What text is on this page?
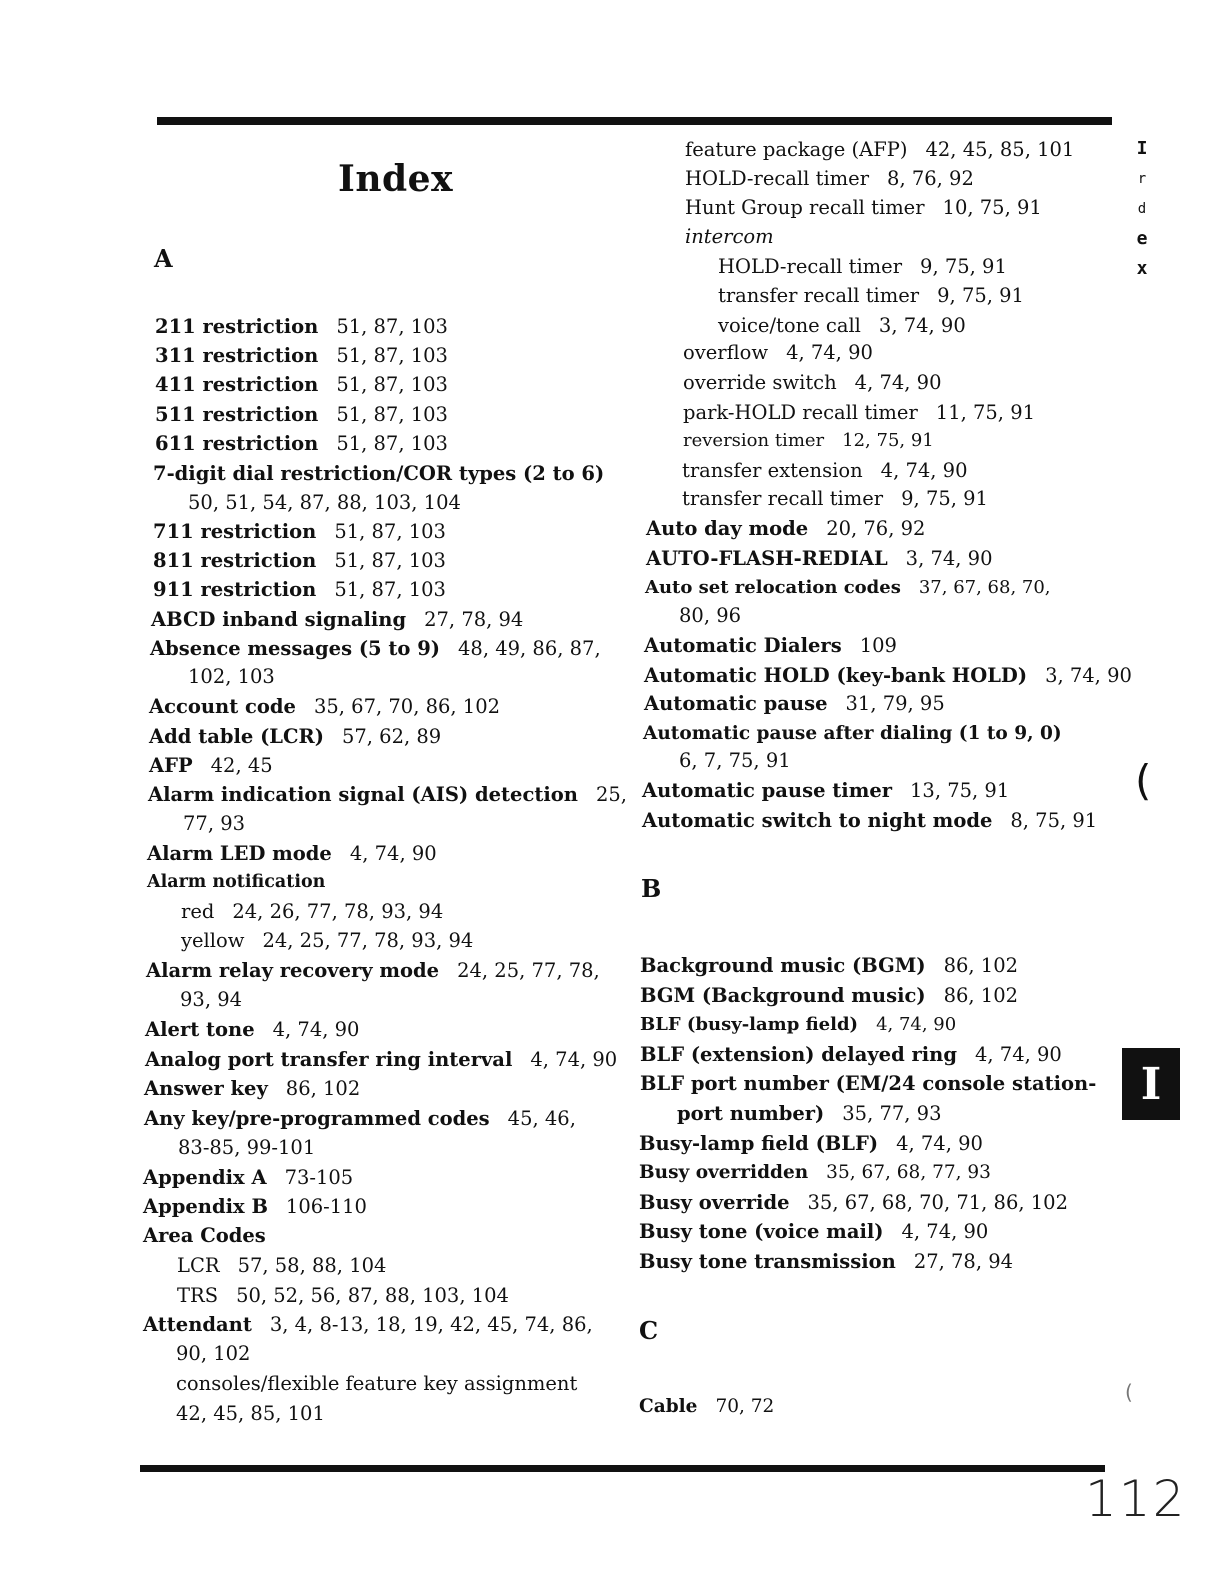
Index
A
211 restriction 51, 87, 103
311 restriction 51, 87, 103
411 restriction 51, 87, 103
511 restriction 51, 87, 103
611 restriction 51, 87, 103
7-digit dial restriction/COR types (2 to 6)
50, 51, 54, 87, 88, 103, 104
711 restriction 51, 87, 103
811 restriction 51, 87, 103
911 restriction 51, 87, 103
ABCD inband signaling 27, 78, 94
Absence messages (5 to 9) 48, 49, 86, 87,
102, 103
Account code 35, 67, 70, 86, 102
Add table (LCR) 57, 62, 89
AFP 42, 45
Alarm indication signal (AIS) detection 25,
77, 93
Alarm LED mode 4, 74, 90
Alarm notification
red 24, 26, 77, 78, 93, 94
yellow 24, 25, 77, 78, 93, 94
Alarm relay recovery mode 24, 25, 77, 78,
93, 94
Alert tone 4, 74, 90
Analog port transfer ring interval 4, 74, 90
Answer key 86, 102
Any key/pre-programmed codes 45, 46,
83-85, 99-101
Appendix A 73-105
Appendix B 106-110
Area Codes
LCR 57, 58, 88, 104
TRS 50, 52, 56, 87, 88, 103, 104
Attendant 3, 4, 8-13, 18, 19, 42, 45, 74, 86,
90, 102
consoles/flexible feature key assignment
42, 45, 85, 101
feature package (AFP) 42, 45, 85, 101
HOLD-recall timer 8, 76, 92
Hunt Group recall timer 10, 75, 91
intercom
HOLD-recall timer 9, 75, 91
transfer recall timer 9, 75, 91
voice/tone call 3, 74, 90
overflow 4, 74, 90
override switch 4, 74, 90
park-HOLD recall timer 11, 75, 91
reversion timer 12, 75, 91
transfer extension 4, 74, 90
transfer recall timer 9, 75, 91
Auto day mode 20, 76, 92
AUTO-FLASH-REDIAL 3, 74, 90
Auto set relocation codes 37, 67, 68, 70,
80, 96
Automatic Dialers 109
Automatic HOLD (key-bank HOLD) 3, 74, 90
Automatic pause 31, 79, 95
Automatic pause after dialing (1 to 9, 0)
6, 7, 75, 91
Automatic pause timer 13, 75, 91
Automatic switch to night mode 8, 75, 91
B
Background music (BGM) 86, 102
BGM (Background music) 86, 102
BLF (busy-lamp field) 4, 74, 90
BLF (extension) delayed ring 4, 74, 90
BLF port number (EM/24 console station-
port number) 35, 77, 93
Busy-lamp field (BLF) 4, 74, 90
Busy overridden 35, 67, 68, 77, 93
Busy override 35, 67, 68, 70, 71, 86, 102
Busy tone (voice mail) 4, 74, 90
Busy tone transmission 27, 78, 94
C
Cable 70, 72
I
r
d
e
x
(
(
I
112
